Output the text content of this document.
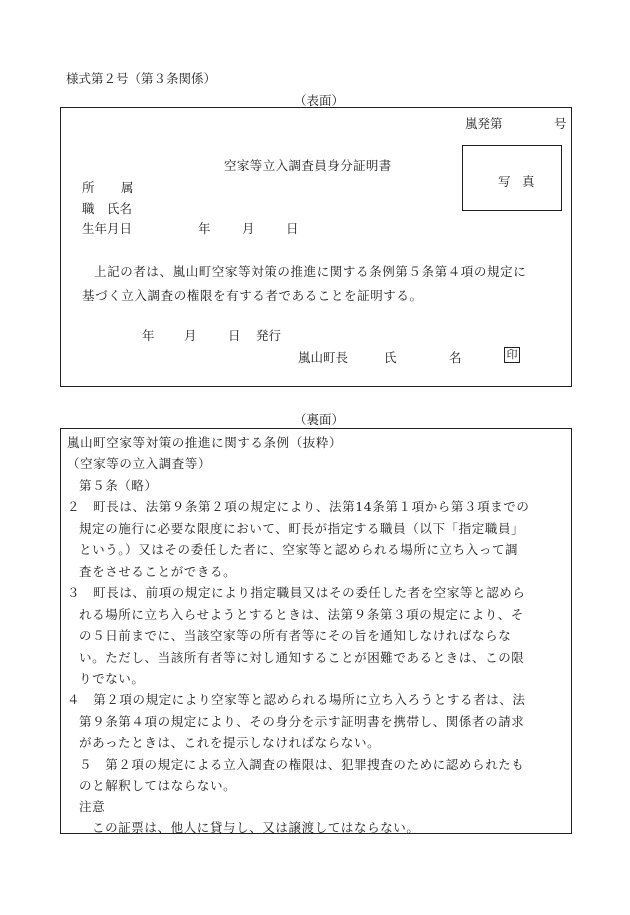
様式第２号（第３条関係）
（表面）
嵐発第	号
写 真
空家等立入調査員身分証明書
所 属
職　氏名
生年月日	年	月	日
上記の者は、嵐山町空家等対策の推進に関する条例第５条第４項の規定に
基づく立入調査の権限を有する者であることを証明する。
年 月	日 発行
嵐山町長	氏	名	印
（裏面）
嵐山町空家等対策の推進に関する条例（抜粋）
（空家等の立入調査等）
第５条（略）
２　町長は、法第９条第２項の規定により、法第14条第１項から第３項までの
規定の施行に必要な限度において、町長が指定する職員（以下「指定職員」
という。）又はその委任した者に、空家等と認められる場所に立ち入って調
査をさせることができる。
３　町長は、前項の規定により指定職員又はその委任した者を空家等と認めら
れる場所に立ち入らせようとするときは、法第９条第３項の規定により、そ
の５日前までに、当該空家等の所有者等にその旨を通知しなければならな
い。ただし、当該所有者等に対し通知することが困難であるときは、この限
りでない。
４　第２項の規定により空家等と認められる場所に立ち入ろうとする者は、法
第９条第４項の規定により、その身分を示す証明書を携帯し、関係者の請求
があったときは、これを提示しなければならない。
５　第２項の規定による立入調査の権限は、犯罪捜査のために認められたも
のと解釈してはならない。
注意
この証票は、他人に貸与し、又は譲渡してはならない。
